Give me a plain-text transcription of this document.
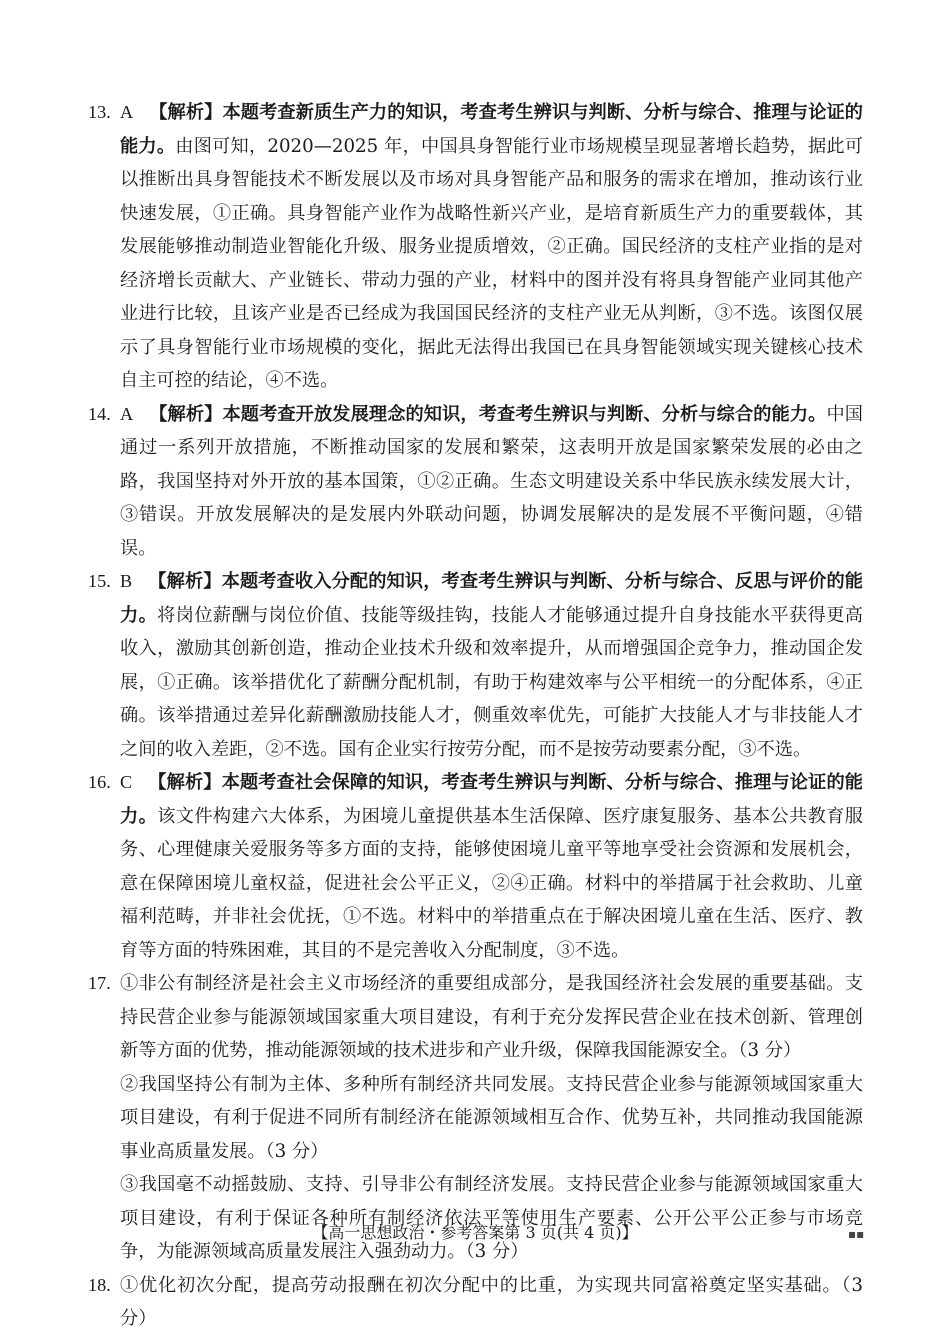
13. A 【解析】本题考查新质生产力的知识，考查考生辨识与判断、分析与综合、推理与论证的能力。由图可知，2020—2025 年，中国具身智能行业市场规模呈现显著增长趋势，据此可以推断出具身智能技术不断发展以及市场对具身智能产品和服务的需求在增加，推动该行业快速发展，①正确。具身智能产业作为战略性新兴产业，是培育新质生产力的重要载体，其发展能够推动制造业智能化升级、服务业提质增效，②正确。国民经济的支柱产业指的是对经济增长贡献大、产业链长、带动力强的产业，材料中的图并没有将具身智能产业同其他产业进行比较，且该产业是否已经成为我国国民经济的支柱产业无从判断，③不选。该图仅展示了具身智能行业市场规模的变化，据此无法得出我国已在具身智能领域实现关键核心技术自主可控的结论，④不选。

14. A 【解析】本题考查开放发展理念的知识，考查考生辨识与判断、分析与综合的能力。中国通过一系列开放措施，不断推动国家的发展和繁荣，这表明开放是国家繁荣发展的必由之路，我国坚持对外开放的基本国策，①②正确。生态文明建设关系中华民族永续发展大计，③错误。开放发展解决的是发展内外联动问题，协调发展解决的是发展不平衡问题，④错误。

15. B 【解析】本题考查收入分配的知识，考查考生辨识与判断、分析与综合、反思与评价的能力。将岗位薪酬与岗位价值、技能等级挂钩，技能人才能够通过提升自身技能水平获得更高收入，激励其创新创造，推动企业技术升级和效率提升，从而增强国企竞争力，推动国企发展，①正确。该举措优化了薪酬分配机制，有助于构建效率与公平相统一的分配体系，④正确。该举措通过差异化薪酬激励技能人才，侧重效率优先，可能扩大技能人才与非技能人才之间的收入差距，②不选。国有企业实行按劳分配，而不是按劳动要素分配，③不选。

16. C 【解析】本题考查社会保障的知识，考查考生辨识与判断、分析与综合、推理与论证的能力。该文件构建六大体系，为困境儿童提供基本生活保障、医疗康复服务、基本公共教育服务、心理健康关爱服务等多方面的支持，能够使困境儿童平等地享受社会资源和发展机会，意在保障困境儿童权益，促进社会公平正义，②④正确。材料中的举措属于社会救助、儿童福利范畴，并非社会优抚，①不选。材料中的举措重点在于解决困境儿童在生活、医疗、教育等方面的特殊困难，其目的不是完善收入分配制度，③不选。

17. ①非公有制经济是社会主义市场经济的重要组成部分，是我国经济社会发展的重要基础。支持民营企业参与能源领域国家重大项目建设，有利于充分发挥民营企业在技术创新、管理创新等方面的优势，推动能源领域的技术进步和产业升级，保障我国能源安全。（3 分）
②我国坚持公有制为主体、多种所有制经济共同发展。支持民营企业参与能源领域国家重大项目建设，有利于促进不同所有制经济在能源领域相互合作、优势互补，共同推动我国能源事业高质量发展。（3 分）
③我国毫不动摇鼓励、支持、引导非公有制经济发展。支持民营企业参与能源领域国家重大项目建设，有利于保证各种所有制经济依法平等使用生产要素、公开公平公正参与市场竞争，为能源领域高质量发展注入强劲动力。（3 分）
18. ①优化初次分配，提高劳动报酬在初次分配中的比重，为实现共同富裕奠定坚实基础。（3 分）
【高一思想政治・参考答案第 3 页(共 4 页)】	▪▪
